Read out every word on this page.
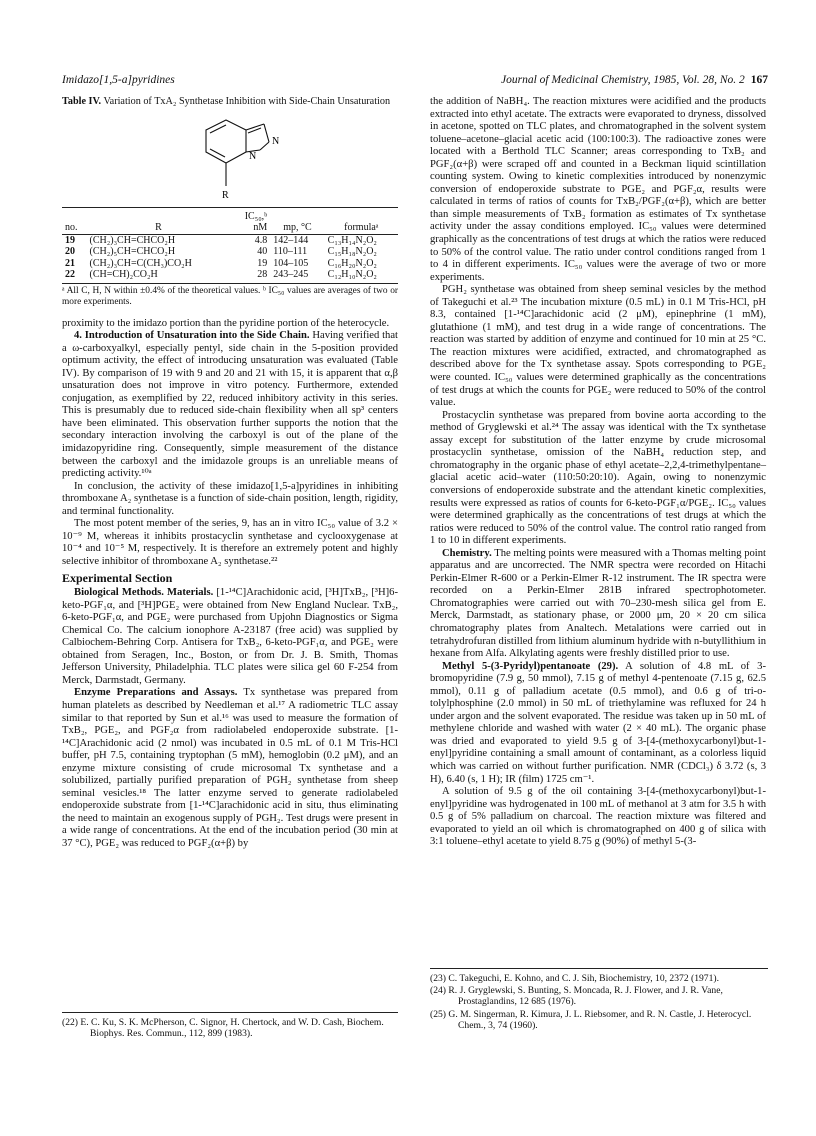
Imidazo[1,5-a]pyridines	Journal of Medicinal Chemistry, 1985, Vol. 28, No. 2 167
Table IV. Variation of TxA₂ Synthetase Inhibition with Side-Chain Unsaturation
N
N
R
no.	R	IC₅₀,ᵇ nM	mp, °C	formulaᵃ
19	(CH₂)₃CH=CHCO₂H	4.8	142–144	C₁₃H₁₄N₂O₂
20	(CH₂)₅CH=CHCO₂H	40	110–111	C₁₅H₁₈N₂O₂
21	(CH₂)₃CH=C(CH₃)CO₂H	19	104–105	C₁₆H₂₀N₂O₂
22	(CH=CH)₂CO₂H	28	243–245	C₁₂H₁₀N₂O₂
ᵃ All C, H, N within ±0.4% of the theoretical values. ᵇ IC₅₀ values are averages of two or more experiments.

proximity to the imidazo portion than the pyridine portion of the heterocycle.

4. Introduction of Unsaturation into the Side Chain. Having verified that a ω-carboxyalkyl, especially pentyl, side chain in the 5-position provided optimum activity, the effect of introducing unsaturation was evaluated (Table IV). By comparison of 19 with 9 and 20 and 21 with 15, it is apparent that α,β unsaturation does not improve in vitro potency. Furthermore, extended conjugation, as exemplified by 22, reduced inhibitory activity in this series. This is presumably due to reduced side-chain flexibility when all sp³ centers have been eliminated. This observation further supports the notion that the secondary interaction involving the carboxyl is out of the plane of the imidazopyridine ring. Consequently, simple measurement of the distance between the carboxyl and the imidazole groups is an unreliable means of predicting activity.¹⁰ᵃ

In conclusion, the activity of these imidazo[1,5-a]pyridines in inhibiting thromboxane A₂ synthetase is a function of side-chain position, length, rigidity, and terminal functionality.

The most potent member of the series, 9, has an in vitro IC₅₀ value of 3.2 × 10⁻⁹ M, whereas it inhibits prostacyclin synthetase and cyclooxygenase at 10⁻⁴ and 10⁻⁵ M, respectively. It is therefore an extremely potent and highly selective inhibitor of thromboxane A₂ synthetase.²²

Experimental Section

Biological Methods. Materials. [1-¹⁴C]Arachidonic acid, [³H]TxB₂, [³H]6-keto-PGF₁α, and [³H]PGE₂ were obtained from New England Nuclear. TxB₂, 6-keto-PGF₁α, and PGE₂ were purchased from Upjohn Diagnostics or Sigma Chemical Co. The calcium ionophore A-23187 (free acid) was supplied by Calbiochem-Behring Corp. Antisera for TxB₂, 6-keto-PGF₁α, and PGE₂ were obtained from Seragen, Inc., Boston, or from Dr. J. B. Smith, Thomas Jefferson University, Philadelphia. TLC plates were silica gel 60 F-254 from Merck, Darmstadt, Germany.

Enzyme Preparations and Assays. Tx synthetase was prepared from human platelets as described by Needleman et al.¹⁷ A radiometric TLC assay similar to that reported by Sun et al.¹⁶ was used to measure the formation of TxB₂, PGE₂, and PGF₂α from radiolabeled endoperoxide substrate. [1-¹⁴C]Arachidonic acid (2 nmol) was incubated in 0.5 mL of 0.1 M Tris-HCl buffer, pH 7.5, containing tryptophan (5 mM), hemoglobin (0.2 μM), and an enzyme mixture consisting of crude microsomal Tx synthetase and a solubilized, partially purified preparation of PGH₂ synthetase from sheep seminal vesicles.¹⁸ The latter enzyme served to generate radiolabeled endoperoxide substrate from [1-¹⁴C]arachidonic acid in situ, thus eliminating the need to maintain an exogenous supply of PGH₂. Test drugs were present in a wide range of concentrations. At the end of the incubation period (30 min at 37 °C), PGE₂ was reduced to PGF₂(α+β) by

the addition of NaBH₄. The reaction mixtures were acidified and the products extracted into ethyl acetate. The extracts were evaporated to dryness, dissolved in acetone, spotted on TLC plates, and chromatographed in the solvent system toluene–acetone–glacial acetic acid (100:100:3). The radioactive zones were located with a Berthold TLC Scanner; areas corresponding to TxB₂ and PGF₂(α+β) were scraped off and counted in a Beckman liquid scintillation counting system. Owing to kinetic complexities introduced by nonenzymic conversion of endoperoxide substrate to PGE₂ and PGF₂α, results were calculated in terms of ratios of counts for TxB₂/PGF₂(α+β), which are better than simple measurements of TxB₂ formation as estimates of Tx synthetase activity under the assay conditions employed. IC₅₀ values were determined graphically as the concentrations of test drugs at which the ratios were reduced to 50% of the control value. The ratio under control conditions ranged from 1 to 4 in different experiments. IC₅₀ values were the average of two or more experiments.

PGH₂ synthetase was obtained from sheep seminal vesicles by the method of Takeguchi et al.²³ The incubation mixture (0.5 mL) in 0.1 M Tris-HCl, pH 8.3, contained [1-¹⁴C]arachidonic acid (2 μM), epinephrine (1 mM), glutathione (1 mM), and test drug in a wide range of concentrations. The reaction was started by addition of enzyme and continued for 10 min at 25 °C. The reaction mixtures were acidified, extracted, and chromatographed as described above for the Tx synthetase assay. Spots corresponding to PGE₂ were counted. IC₅₀ values were determined graphically as the concentrations of test drugs at which the counts for PGE₂ were reduced to 50% of the control value.

Prostacyclin synthetase was prepared from bovine aorta according to the method of Gryglewski et al.²⁴ The assay was identical with the Tx synthetase assay except for substitution of the latter enzyme by crude microsomal prostacyclin synthetase, omission of the NaBH₄ reduction step, and chromatography in the organic phase of ethyl acetate–2,2,4-trimethylpentane–glacial acetic acid–water (110:50:20:10). Again, owing to nonenzymic conversions of endoperoxide substrate and the attendant kinetic complexities, results were expressed as ratios of counts for 6-keto-PGF₁α/PGE₂. IC₅₀ values were determined graphically as the concentrations of test drugs at which the ratios were reduced to 50% of the control value. The control ratio ranged from 1 to 10 in different experiments.

Chemistry. The melting points were measured with a Thomas melting point apparatus and are uncorrected. The NMR spectra were recorded on Hitachi Perkin-Elmer R-600 or a Perkin-Elmer R-12 instrument. The IR spectra were recorded on a Perkin-Elmer 281B infrared spectrophotometer. Chromatographies were carried out with 70–230-mesh silica gel from E. Merck, Darmstadt, as stationary phase, or 2000 μm, 20 × 20 cm silica chromatography plates from Analtech. Metalations were carried out in tetrahydrofuran distilled from lithium aluminum hydride with n-butyllithium in hexane from Alfa. Alkylating agents were freshly distilled prior to use.

Methyl 5-(3-Pyridyl)pentanoate (29). A solution of 4.8 mL of 3-bromopyridine (7.9 g, 50 mmol), 7.15 g of methyl 4-pentenoate (7.15 g, 62.5 mmol), 0.11 g of palladium acetate (0.5 mmol), and 0.6 g of tri-o-tolylphosphine (2.0 mmol) in 50 mL of triethylamine was refluxed for 24 h under argon and the solvent evaporated. The residue was taken up in 50 mL of methylene chloride and washed with water (2 × 40 mL). The organic phase was dried and evaporated to yield 9.5 g of 3-[4-(methoxycarbonyl)but-1-enyl]pyridine containing a small amount of contaminant, as a colorless liquid which was carried on without further purification. NMR (CDCl₃) δ 3.72 (s, 3 H), 6.40 (s, 1 H); IR (film) 1725 cm⁻¹.

A solution of 9.5 g of the oil containing 3-[4-(methoxycarbonyl)but-1-enyl]pyridine was hydrogenated in 100 mL of methanol at 3 atm for 3.5 h with 0.5 g of 5% palladium on charcoal. The reaction mixture was filtered and evaporated to yield an oil which is chromatographed on 400 g of silica with 3:1 toluene–ethyl acetate to yield 8.75 g (90%) of methyl 5-(3-

(22) E. C. Ku, S. K. McPherson, C. Signor, H. Chertock, and W. D. Cash, Biochem. Biophys. Res. Commun., 112, 899 (1983).
(23) C. Takeguchi, E. Kohno, and C. J. Sih, Biochemistry, 10, 2372 (1971).
(24) R. J. Gryglewski, S. Bunting, S. Moncada, R. J. Flower, and J. R. Vane, Prostaglandins, 12 685 (1976).
(25) G. M. Singerman, R. Kimura, J. L. Riebsomer, and R. N. Castle, J. Heterocycl. Chem., 3, 74 (1960).
